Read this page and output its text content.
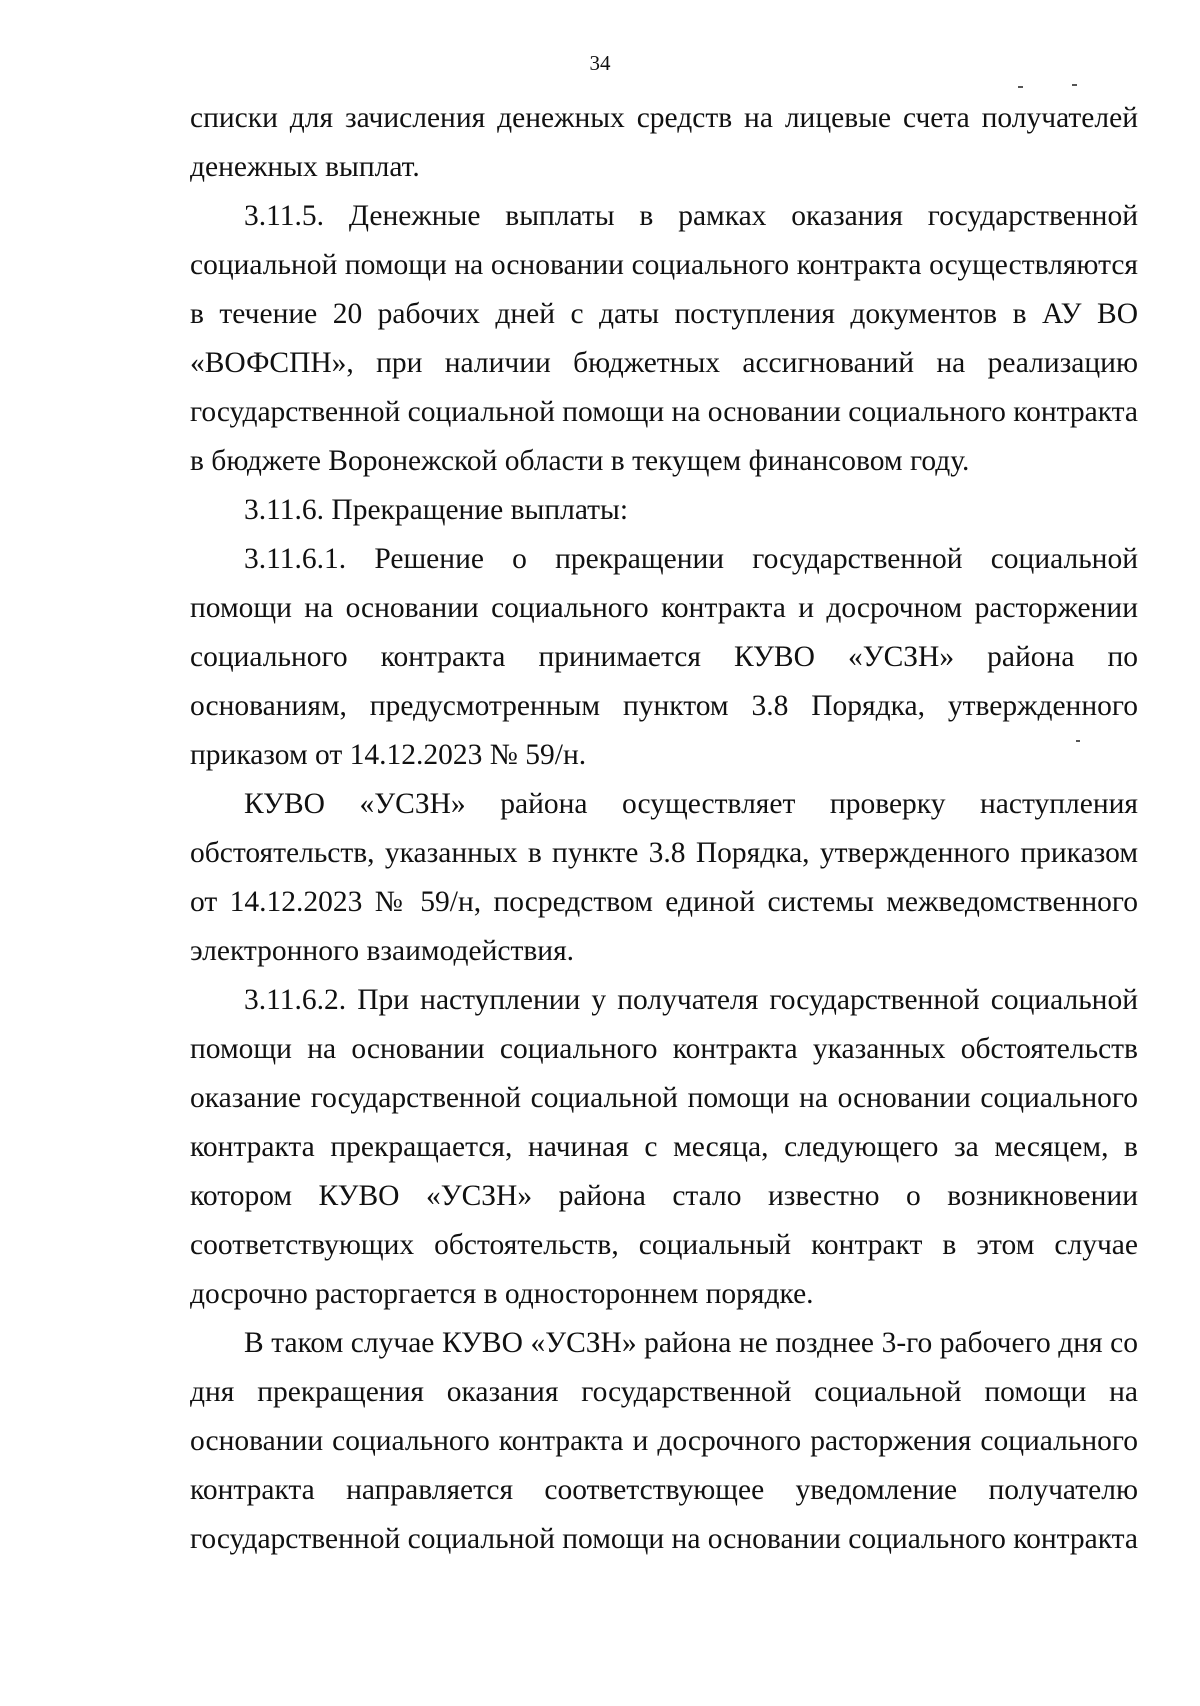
34

списки для зачисления денежных средств на лицевые счета получателей денежных выплат.

3.11.5. Денежные выплаты в рамках оказания государственной социальной помощи на основании социального контракта осуществляются в течение 20 рабочих дней с даты поступления документов в АУ ВО «ВОФСПН», при наличии бюджетных ассигнований на реализацию государственной социальной помощи на основании социального контракта в бюджете Воронежской области в текущем финансовом году.

3.11.6. Прекращение выплаты:

3.11.6.1. Решение о прекращении государственной социальной помощи на основании социального контракта и досрочном расторжении социального контракта принимается КУВО «УСЗН» района по основаниям, предусмотренным пунктом 3.8 Порядка, утвержденного приказом от 14.12.2023 № 59/н.

КУВО «УСЗН» района осуществляет проверку наступления обстоятельств, указанных в пункте 3.8 Порядка, утвержденного приказом от 14.12.2023 № 59/н, посредством единой системы межведомственного электронного взаимодействия.

3.11.6.2. При наступлении у получателя государственной социальной помощи на основании социального контракта указанных обстоятельств оказание государственной социальной помощи на основании социального контракта прекращается, начиная с месяца, следующего за месяцем, в котором КУВО «УСЗН» района стало известно о возникновении соответствующих обстоятельств, социальный контракт в этом случае досрочно расторгается в одностороннем порядке.

В таком случае КУВО «УСЗН» района не позднее 3-го рабочего дня со дня прекращения оказания государственной социальной помощи на основании социального контракта и досрочного расторжения социального контракта направляется соответствующее уведомление получателю государственной социальной помощи на основании социального контракта
